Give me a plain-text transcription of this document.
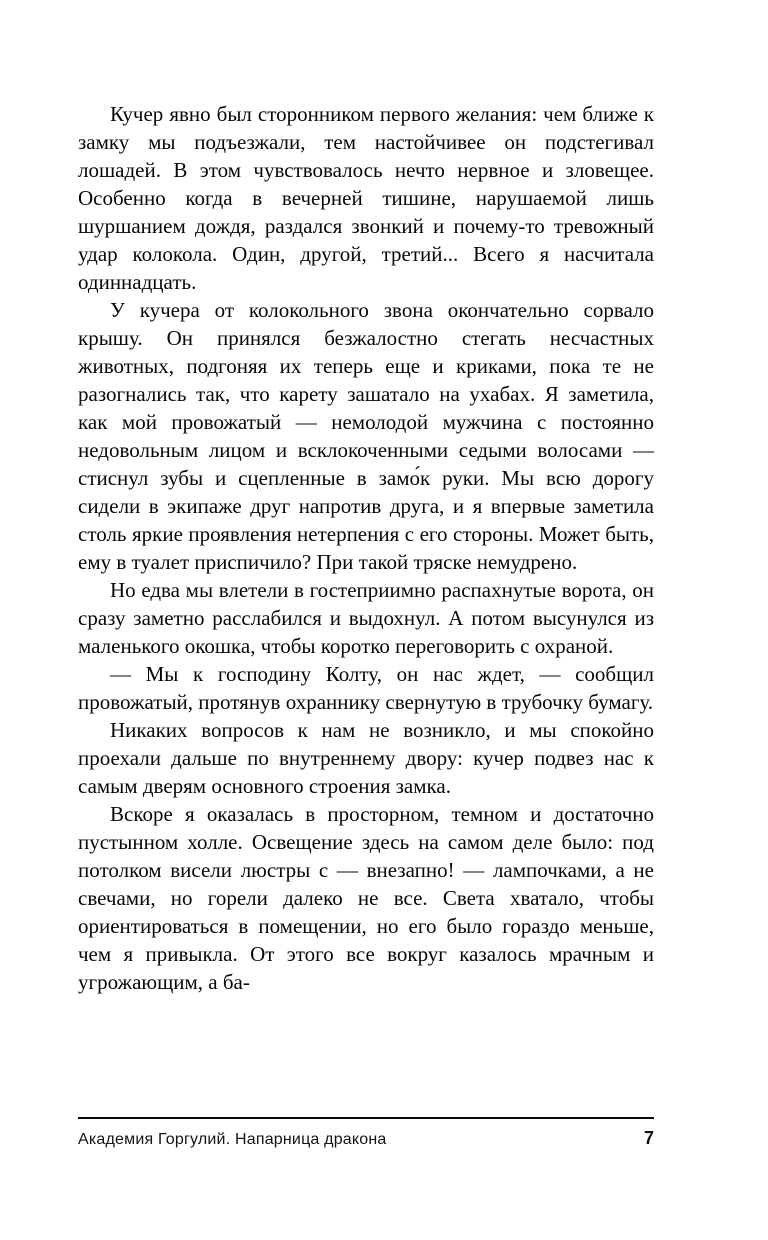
Кучер явно был сторонником первого желания: чем ближе к замку мы подъезжали, тем настойчивее он подстегивал лошадей. В этом чувствовалось нечто нервное и зловещее. Особенно когда в вечерней тишине, нарушаемой лишь шуршанием дождя, раздался звонкий и почему-то тревожный удар колокола. Один, другой, третий... Всего я насчитала одиннадцать.

У кучера от колокольного звона окончательно сорвало крышу. Он принялся безжалостно стегать несчастных животных, подгоняя их теперь еще и криками, пока те не разогнались так, что карету зашатало на ухабах. Я заметила, как мой провожатый — немолодой мужчина с постоянно недовольным лицом и всклокоченными седыми волосами — стиснул зубы и сцепленные в замо́к руки. Мы всю дорогу сидели в экипаже друг напротив друга, и я впервые заметила столь яркие проявления нетерпения с его стороны. Может быть, ему в туалет приспичило? При такой тряске немудрено.

Но едва мы влетели в гостеприимно распахнутые ворота, он сразу заметно расслабился и выдохнул. А потом высунулся из маленького окошка, чтобы коротко переговорить с охраной.

— Мы к господину Колту, он нас ждет, — сообщил провожатый, протянув охраннику свернутую в трубочку бумагу.

Никаких вопросов к нам не возникло, и мы спокойно проехали дальше по внутреннему двору: кучер подвез нас к самым дверям основного строения замка.

Вскоре я оказалась в просторном, темном и достаточно пустынном холле. Освещение здесь на самом деле было: под потолком висели люстры с — внезапно! — лампочками, а не свечами, но горели далеко не все. Света хватало, чтобы ориентироваться в помещении, но его было гораздо меньше, чем я привыкла. От этого все вокруг казалось мрачным и угрожающим, а ба-

Академия Горгулий. Напарница дракона	7
